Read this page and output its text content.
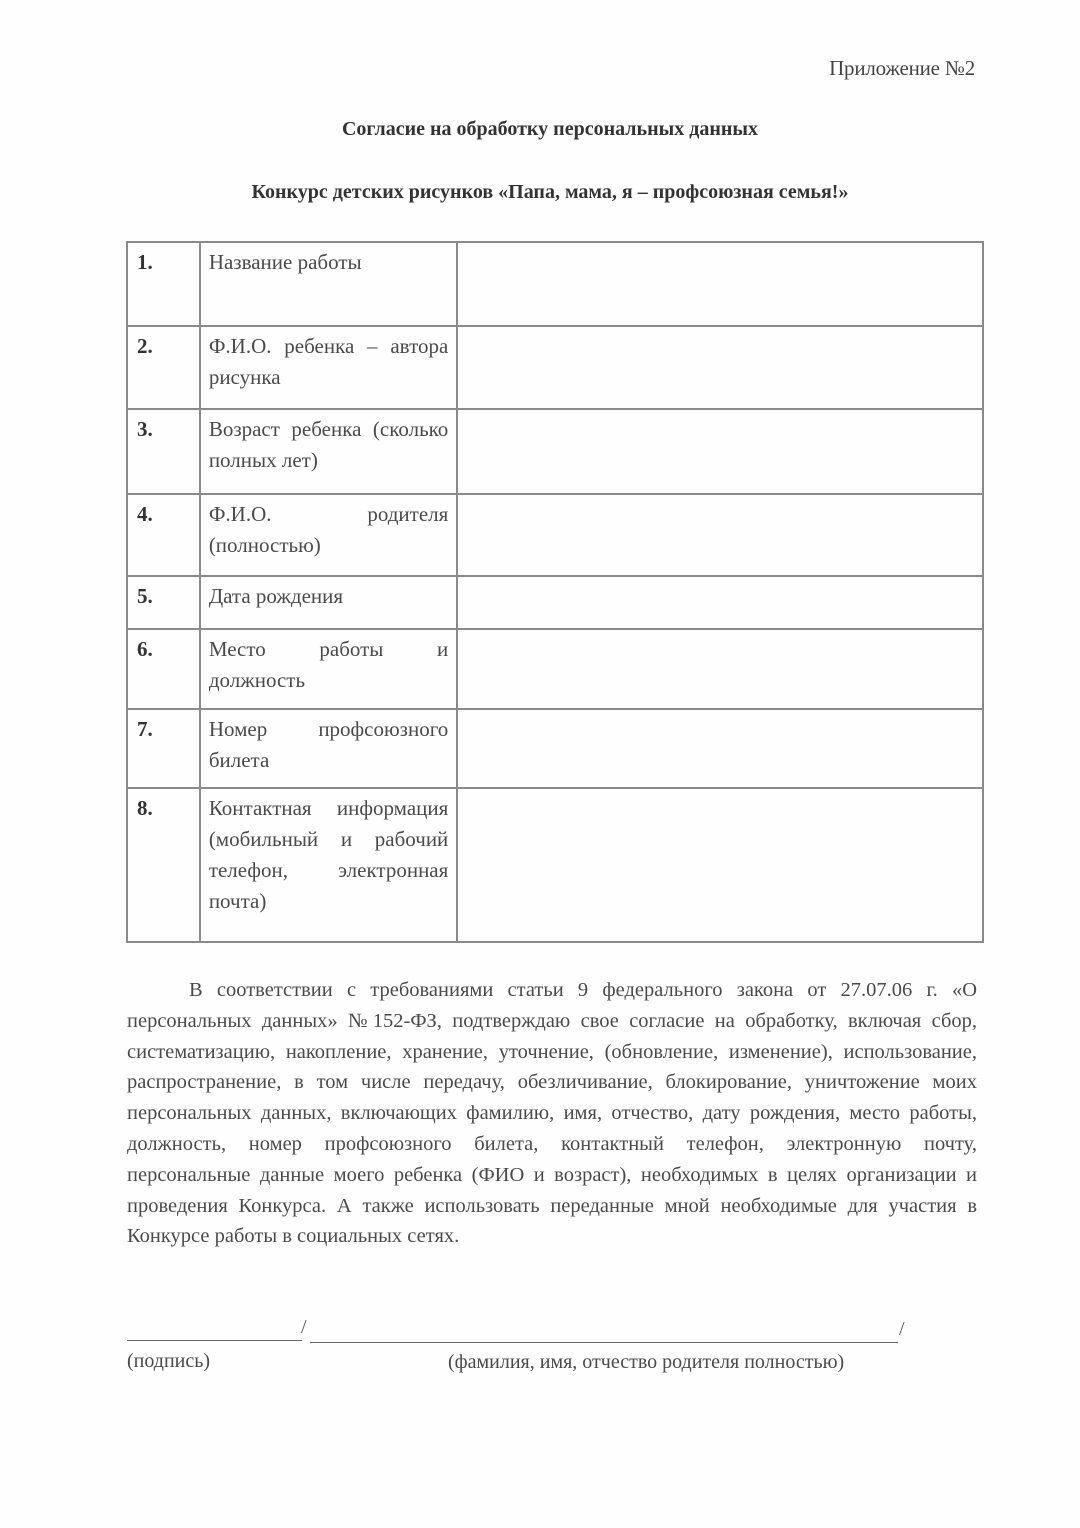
Приложение №2
Согласие на обработку персональных данных
Конкурс детских рисунков «Папа, мама, я – профсоюзная семья!»
1.	Название работы	
2.	Ф.И.О. ребенка – автора рисунка	
3.	Возраст ребенка (сколько полных лет)	
4.	Ф.И.О. родителя (полностью)	
5.	Дата рождения	
6.	Место работы и должность	
7.	Номер профсоюзного билета	
8.	Контактная информация (мобильный и рабочий телефон, электронная почта)	
В соответствии с требованиями статьи 9 федерального закона от 27.07.06 г. «О персональных данных» №152-ФЗ, подтверждаю свое согласие на обработку, включая сбор, систематизацию, накопление, хранение, уточнение, (обновление, изменение), использование, распространение, в том числе передачу, обезличивание, блокирование, уничтожение моих персональных данных, включающих фамилию, имя, отчество, дату рождения, место работы, должность, номер профсоюзного билета, контактный телефон, электронную почту, персональные данные моего ребенка (ФИО и возраст), необходимых в целях организации и проведения Конкурса. А также использовать переданные мной необходимые для участия в Конкурсе работы в социальных сетях.
/	/
(подпись)	(фамилия, имя, отчество родителя полностью)
